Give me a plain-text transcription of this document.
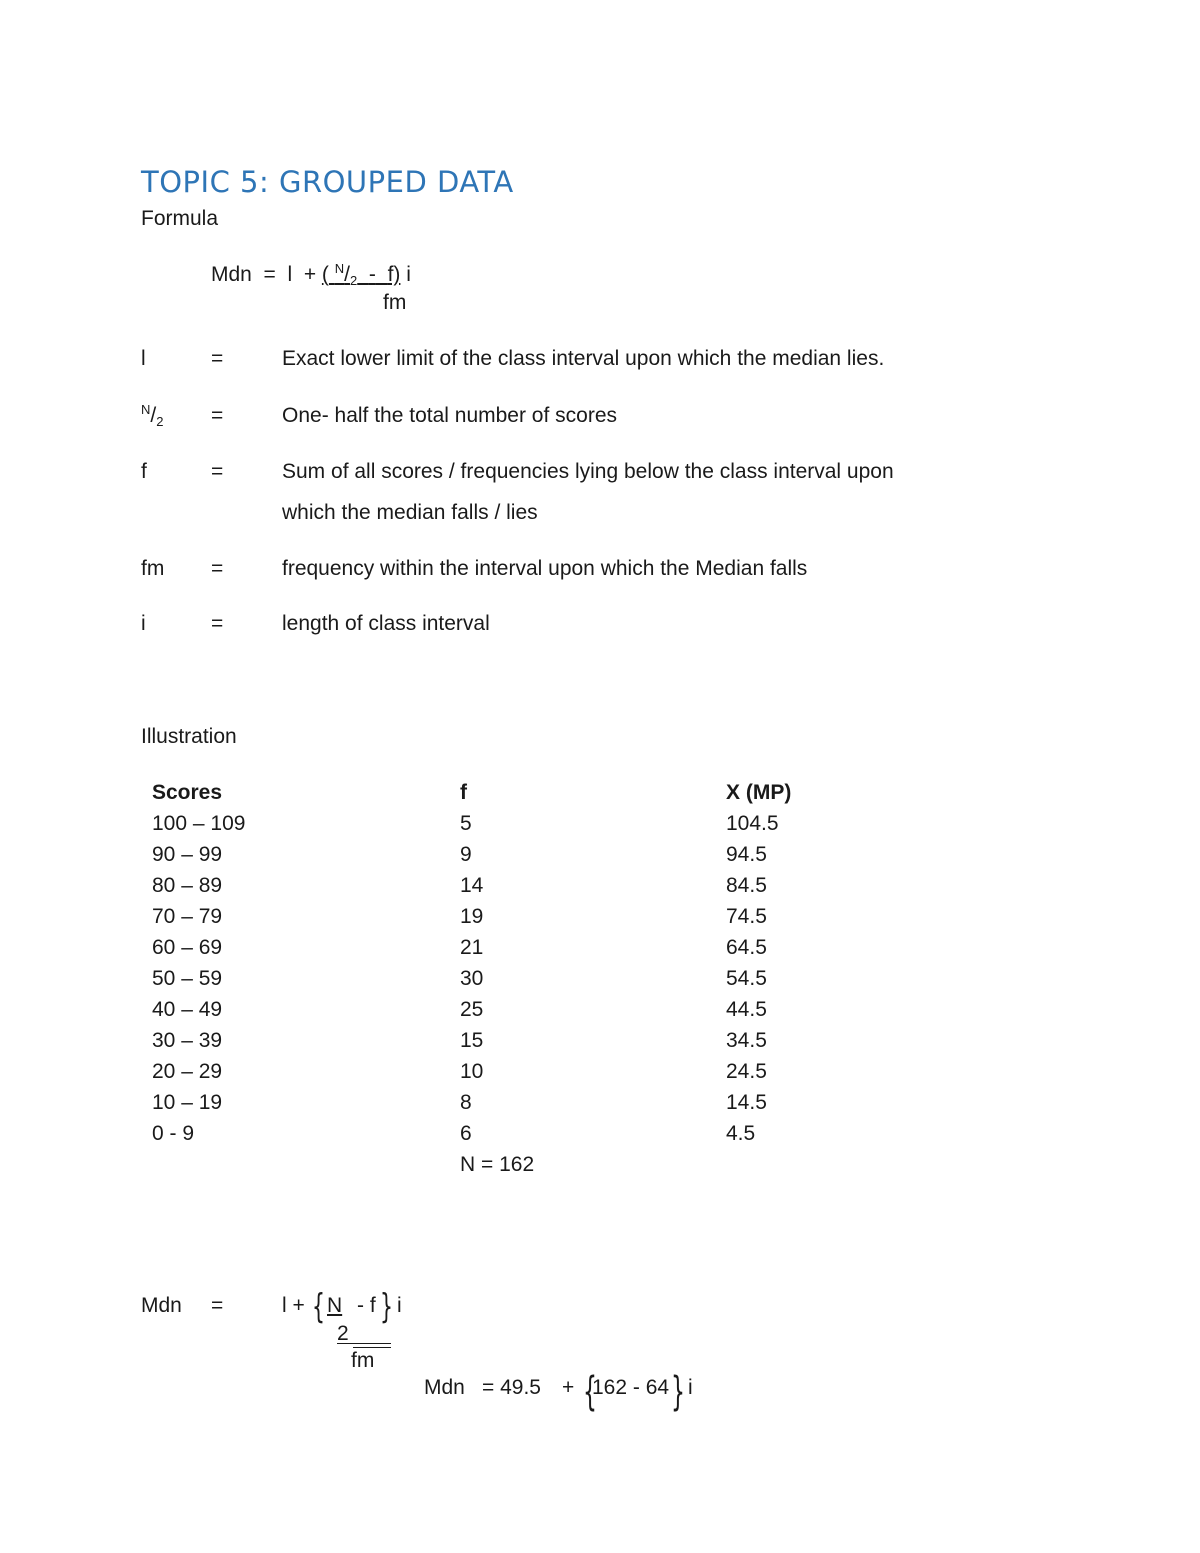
TOPIC 5: GROUPED DATA
Formula
Mdn = l + ( $^N$/2 - f) i
fm
l	=	Exact lower limit of the class interval upon which the median lies.
$^N$/2 =	One- half the total number of scores
f	=	Sum of all scores / frequencies lying below the class interval upon
which the median falls / lies
fm =	frequency within the interval upon which the Median falls
i	=	length of class interval
Illustration
Scores	f	X (MP)
100 – 109	5	104.5
90 – 99	9	94.5
80 – 89	14	84.5
70 – 79	19	74.5
60 – 69	21	64.5
50 – 59	30	54.5
40 – 49	25	44.5
30 – 39	15	34.5
20 – 29	10	24.5
10 – 19	8	14.5
0 - 9	6	4.5
N = 162
Mdn =	l + { N - f } i
2
fm
Mdn = 49.5 + {
162 - 64 } i
